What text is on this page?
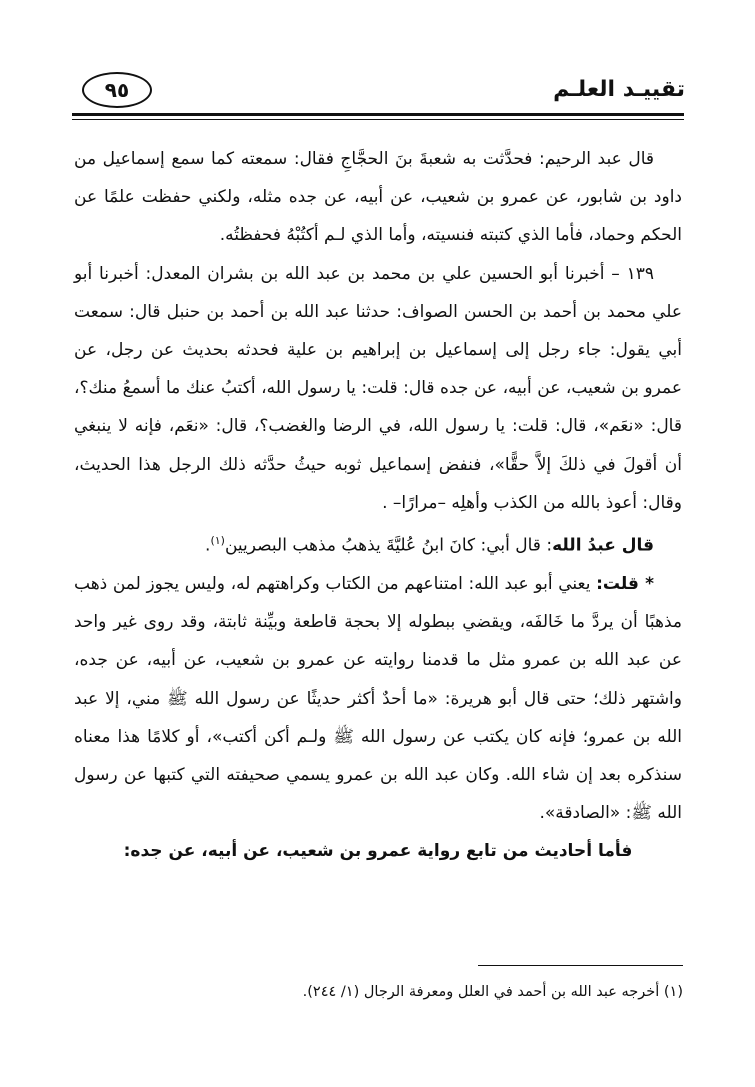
٩٥	تقييـد العلـم

قال عبد الرحيم: فحدَّثت به شعبةَ بنَ الحجَّاجِ فقال: سمعته كما سمع إسماعيل من داود بن شابور، عن عمرو بن شعيب، عن أبيه، عن جده مثله، ولكني حفظت علمًا عن الحكم وحماد، فأما الذي كتبته فنسيته، وأما الذي لـم أكتُبْهُ فحفظتُه.

١٣٩ – أخبرنا أبو الحسين علي بن محمد بن عبد الله بن بشران المعدل: أخبرنا أبو علي محمد بن أحمد بن الحسن الصواف: حدثنا عبد الله بن أحمد بن حنبل قال: سمعت أبي يقول: جاء رجل إلى إسماعيل بن إبراهيم بن علية فحدثه بحديث عن رجل، عن عمرو بن شعيب، عن أبيه، عن جده قال: قلت: يا رسول الله، أكتبُ عنك ما أسمعُ منك؟، قال: «نعَم»، قال: قلت: يا رسول الله، في الرضا والغضب؟، قال: «نعَم، فإنه لا ينبغي أن أقولَ في ذلكَ إلاَّ حقًّا»، فنفض إسماعيل ثوبه حيثُ حدَّثه ذلك الرجل هذا الحديث، وقال: أعوذ بالله من الكذب وأهلِه –مرارًا– .

قال عبدُ الله: قال أبي: كانَ ابنُ عُليَّةَ يذهبُ مذهب البصريين$^{(١)}$.

* قلت: يعني أبو عبد الله: امتناعهم من الكتاب وكراهتهم له، وليس يجوز لمن ذهب مذهبًا أن يردَّ ما خَالفَه، ويقضي ببطوله إلا بحجة قاطعة وبيِّنة ثابتة، وقد روى غير واحد عن عبد الله بن عمرو مثل ما قدمنا روايته عن عمرو بن شعيب، عن أبيه، عن جده، واشتهر ذلك؛ حتى قال أبو هريرة: «ما أحدٌ أكثر حديثًا عن رسول الله ﷺ مني، إلا عبد الله بن عمرو؛ فإنه كان يكتب عن رسول الله ﷺ ولـم أكن أكتب»، أو كلامًا هذا معناه سنذكره بعد إن شاء الله. وكان عبد الله بن عمرو يسمي صحيفته التي كتبها عن رسول الله ﷺ: «الصادقة».

فأما أحاديث من تابع رواية عمرو بن شعيب، عن أبيه، عن جده:

(١) أخرجه عبد الله بن أحمد في العلل ومعرفة الرجال (١/ ٢٤٤).
